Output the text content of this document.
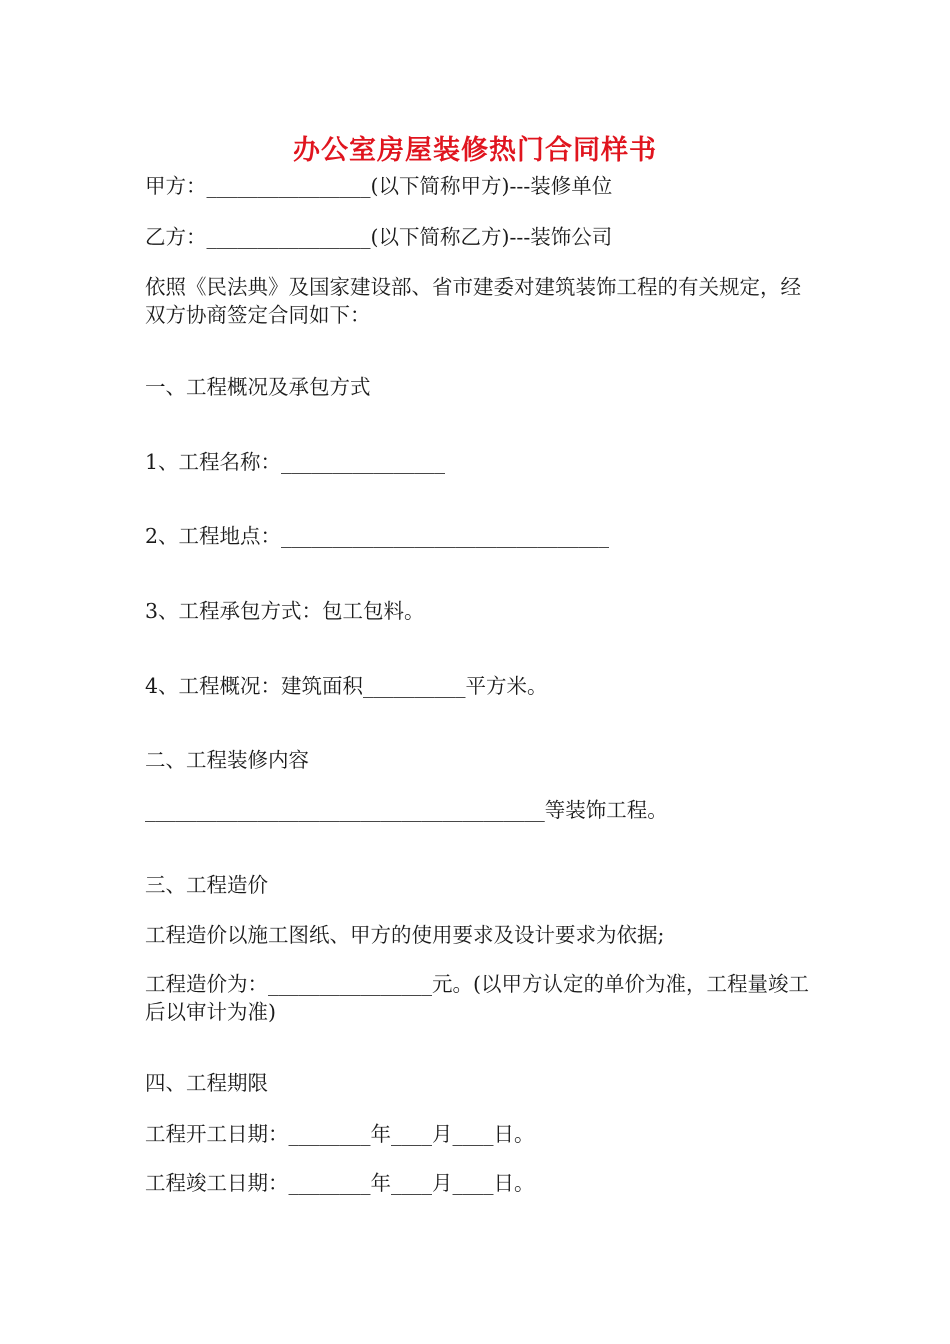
办公室房屋装修热门合同样书
甲方：________________(以下简称甲方)---装修单位
乙方：________________(以下简称乙方)---装饰公司
依照《民法典》及国家建设部、省市建委对建筑装饰工程的有关规定，经双方协商签定合同如下：
一、工程概况及承包方式
1、工程名称：________________
2、工程地点：________________________________
3、工程承包方式：包工包料。
4、工程概况：建筑面积__________平方米。
二、工程装修内容
_______________________________________等装饰工程。
三、工程造价
工程造价以施工图纸、甲方的使用要求及设计要求为依据;
工程造价为：________________元。(以甲方认定的单价为准，工程量竣工后以审计为准)
四、工程期限
工程开工日期：________年____月____日。
工程竣工日期：________年____月____日。
